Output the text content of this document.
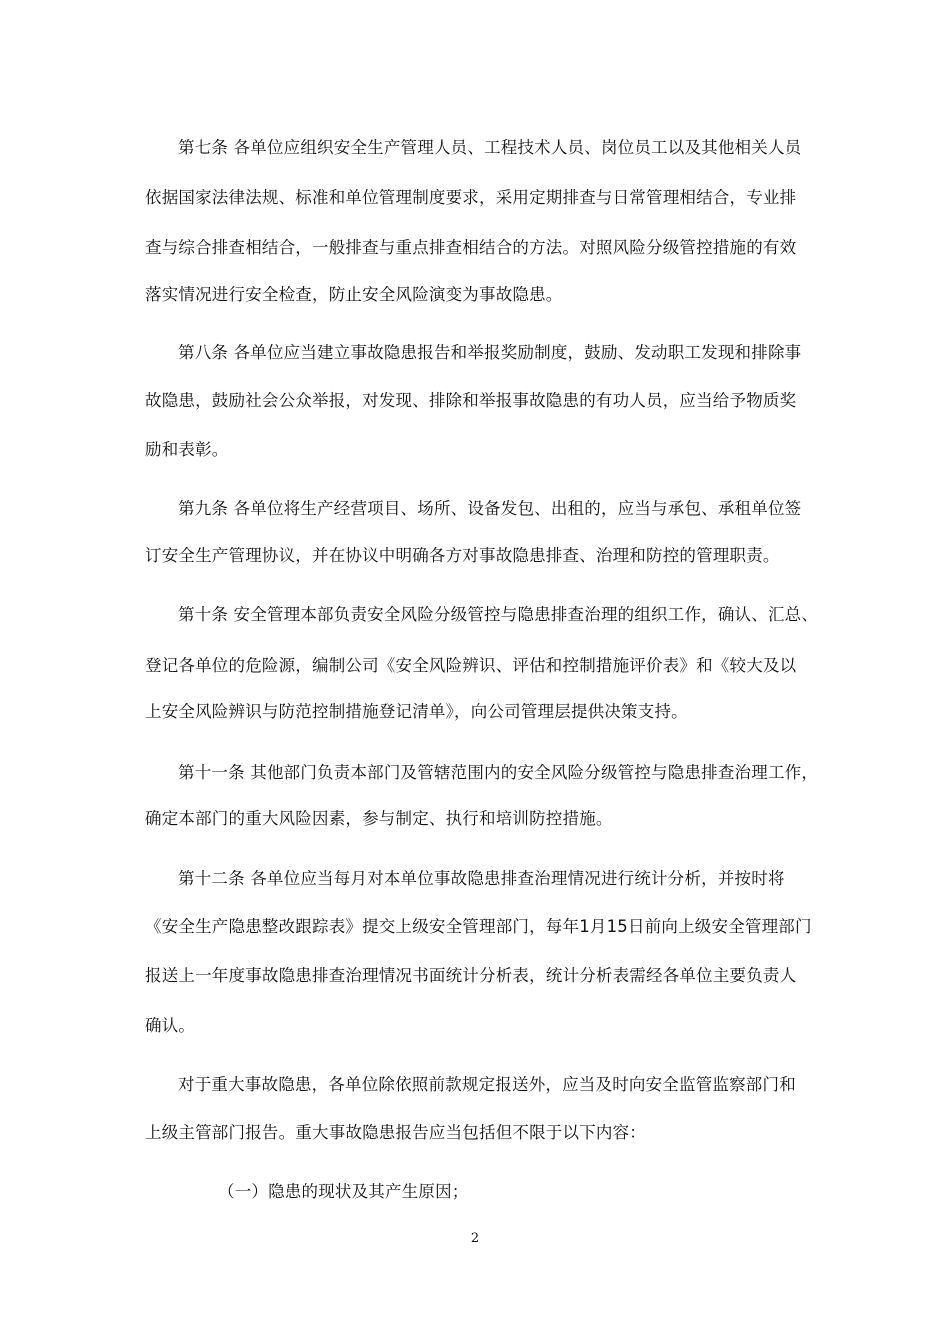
第七条 各单位应组织安全生产管理人员、工程技术人员、岗位员工以及其他相关人员
依据国家法律法规、标准和单位管理制度要求，采用定期排查与日常管理相结合，专业排
查与综合排查相结合，一般排查与重点排查相结合的方法。对照风险分级管控措施的有效
落实情况进行安全检查，防止安全风险演变为事故隐患。
第八条 各单位应当建立事故隐患报告和举报奖励制度，鼓励、发动职工发现和排除事
故隐患，鼓励社会公众举报，对发现、排除和举报事故隐患的有功人员，应当给予物质奖
励和表彰。
第九条 各单位将生产经营项目、场所、设备发包、出租的，应当与承包、承租单位签
订安全生产管理协议，并在协议中明确各方对事故隐患排查、治理和防控的管理职责。
第十条 安全管理本部负责安全风险分级管控与隐患排查治理的组织工作，确认、汇总、
登记各单位的危险源，编制公司《安全风险辨识、评估和控制措施评价表》和《较大及以
上安全风险辨识与防范控制措施登记清单》，向公司管理层提供决策支持。
第十一条 其他部门负责本部门及管辖范围内的安全风险分级管控与隐患排查治理工作，
确定本部门的重大风险因素，参与制定、执行和培训防控措施。
第十二条 各单位应当每月对本单位事故隐患排查治理情况进行统计分析，并按时将
《安全生产隐患整改跟踪表》提交上级安全管理部门，每年1月15日前向上级安全管理部门
报送上一年度事故隐患排查治理情况书面统计分析表，统计分析表需经各单位主要负责人
确认。
对于重大事故隐患，各单位除依照前款规定报送外，应当及时向安全监管监察部门和
上级主管部门报告。重大事故隐患报告应当包括但不限于以下内容：
（一）隐患的现状及其产生原因；
2
